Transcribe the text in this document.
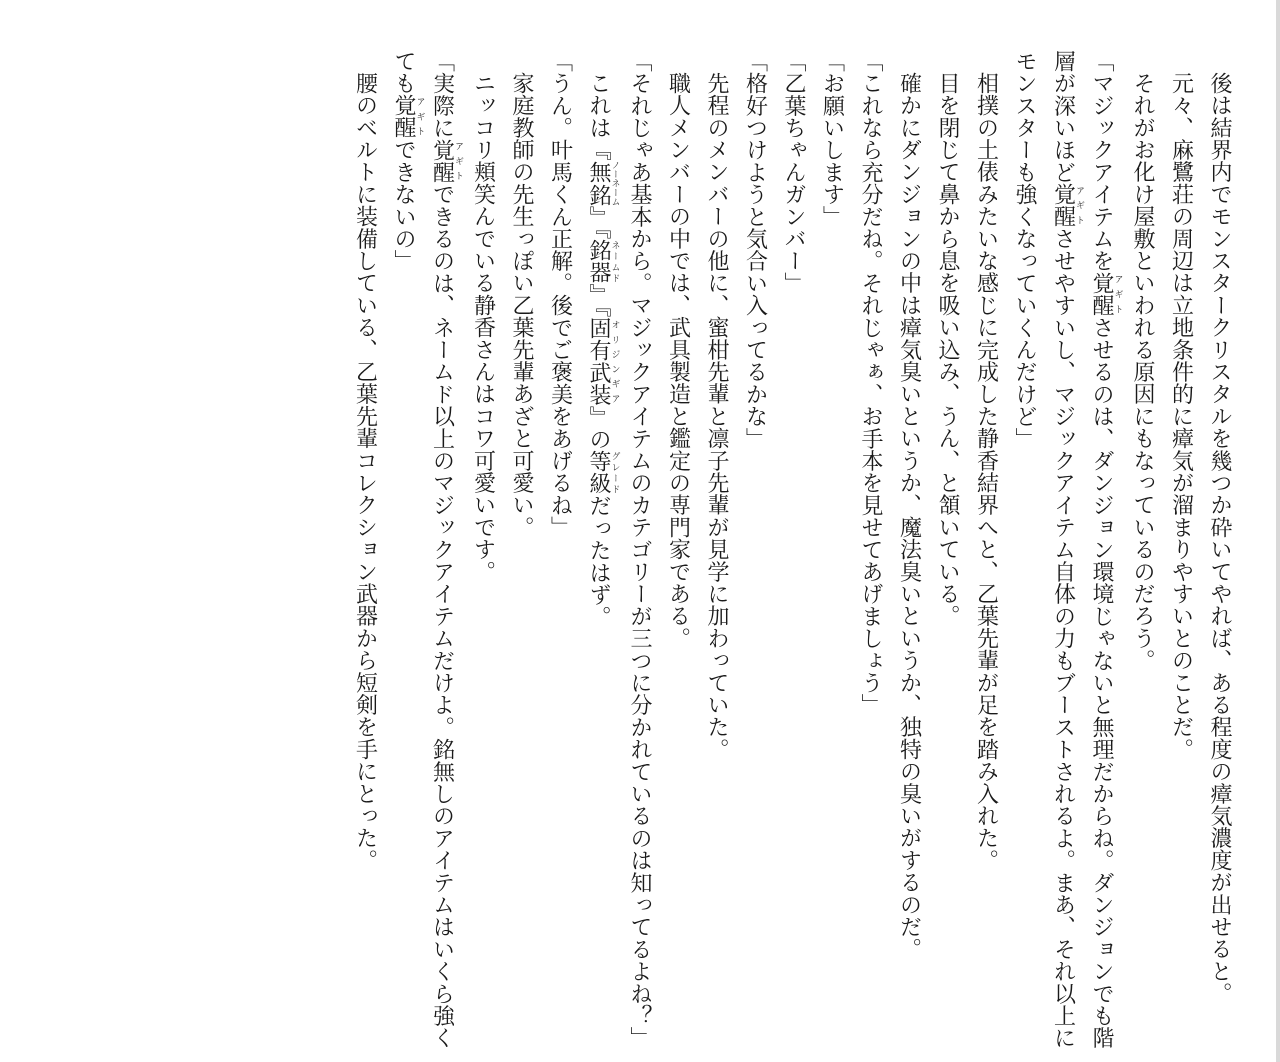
後は結界内でモンスタークリスタルを幾つか砕いてやれば、ある程度の瘴気濃度が出せると。

元々、麻鷺荘の周辺は立地条件的に瘴気が溜まりやすいとのことだ。

それがお化け屋敷といわれる原因にもなっているのだろう。

「マジックアイテムを覚醒アギトさせるのは、ダンジョン環境じゃないと無理だからね。ダンジョンでも階層が深いほど覚醒アギトさせやすいし、マジックアイテム自体の力もブーストされるよ。まあ、それ以上にモンスターも強くなっていくんだけど」

相撲の土俵みたいな感じに完成した静香結界へと、乙葉先輩が足を踏み入れた。

目を閉じて鼻から息を吸い込み、うん、と頷いている。

確かにダンジョンの中は瘴気臭いというか、魔法臭いというか、独特の臭いがするのだ。

「これなら充分だね。それじゃぁ、お手本を見せてあげましょう」

「お願いします」

「乙葉ちゃんガンバー」

「格好つけようと気合い入ってるかな」

先程のメンバーの他に、蜜柑先輩と凛子先輩が見学に加わっていた。

職人メンバーの中では、武具製造と鑑定の専門家である。

「それじゃあ基本から。マジックアイテムのカテゴリーが三つに分かれているのは知ってるよね？」

これは『無銘ノーネーム』『銘器ネームド』『固有武装オリジンギア』の等級グレードだったはず。

「うん。叶馬くん正解。後でご褒美をあげるね」

家庭教師の先生っぽい乙葉先輩あざと可愛い。

ニッコリ頬笑んでいる静香さんはコワ可愛いです。

「実際に覚醒アギトできるのは、ネームド以上のマジックアイテムだけよ。銘無しのアイテムはいくら強くても覚醒アギトできないの」

腰のベルトに装備している、乙葉先輩コレクション武器から短剣を手にとった。
